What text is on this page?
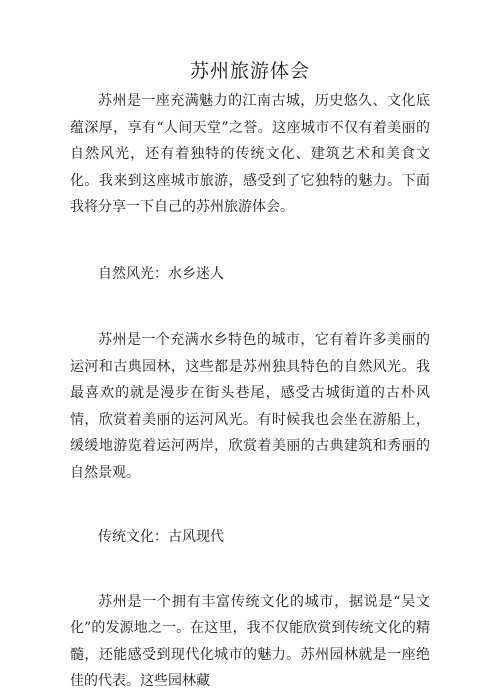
苏州旅游体会

苏州是一座充满魅力的江南古城，历史悠久、文化底蕴深厚，享有“人间天堂”之誉。这座城市不仅有着美丽的自然风光，还有着独特的传统文化、建筑艺术和美食文化。我来到这座城市旅游，感受到了它独特的魅力。下面我将分享一下自己的苏州旅游体会。

自然风光：水乡迷人

苏州是一个充满水乡特色的城市，它有着许多美丽的运河和古典园林，这些都是苏州独具特色的自然风光。我最喜欢的就是漫步在街头巷尾，感受古城街道的古朴风情，欣赏着美丽的运河风光。有时候我也会坐在游船上，缓缓地游览着运河两岸，欣赏着美丽的古典建筑和秀丽的自然景观。

传统文化：古风现代

苏州是一个拥有丰富传统文化的城市，据说是“吴文化”的发源地之一。在这里，我不仅能欣赏到传统文化的精髓，还能感受到现代化城市的魅力。苏州园林就是一座绝佳的代表。这些园林藏
